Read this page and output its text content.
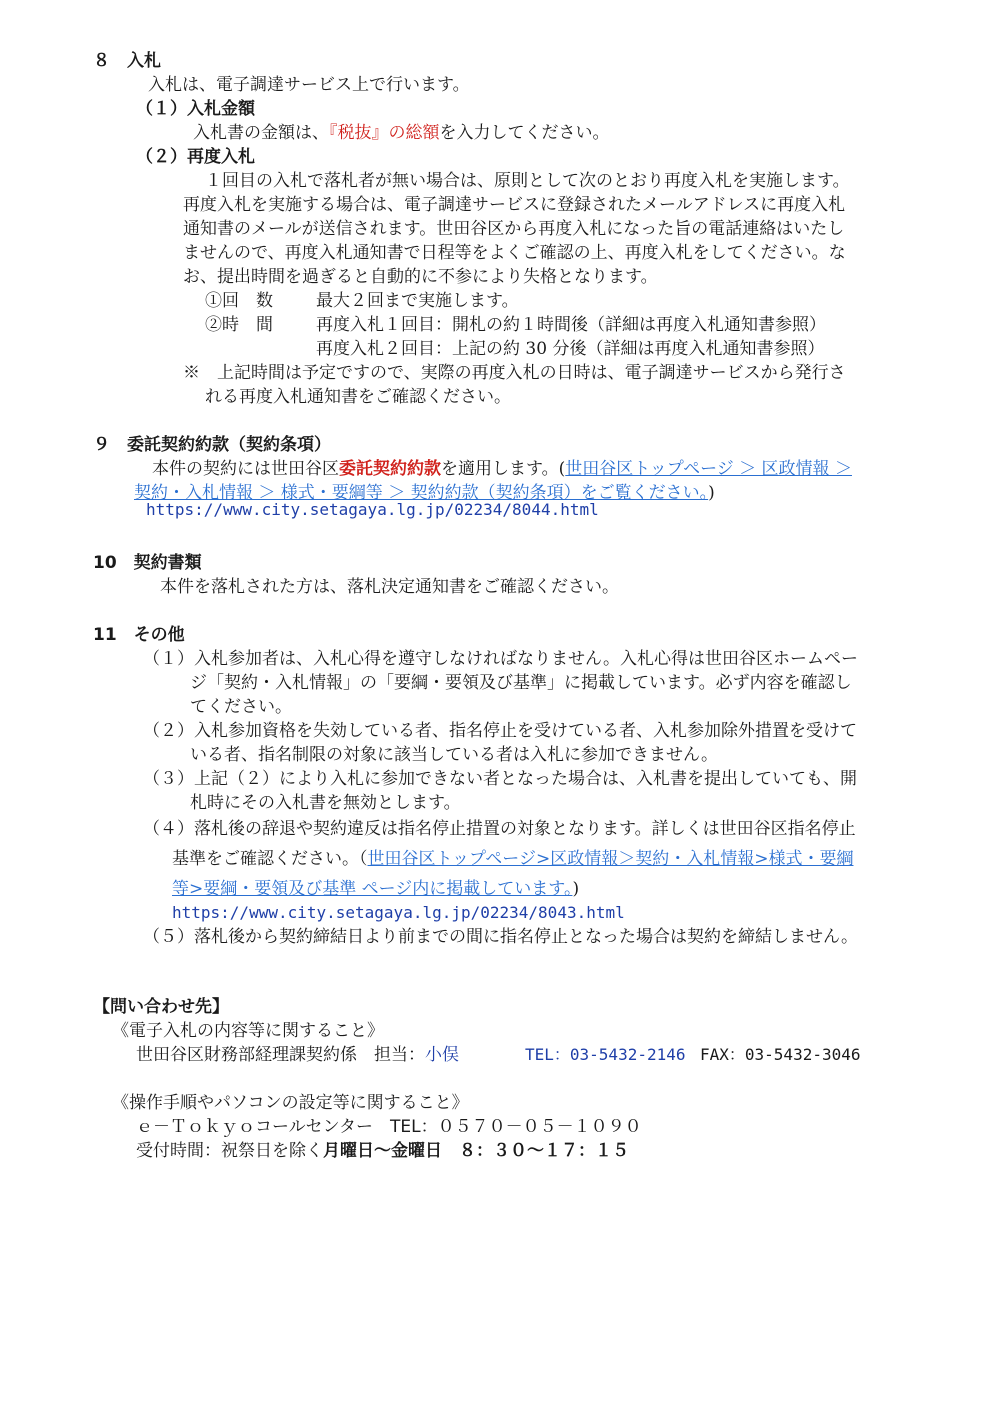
８　入札
入札は、電子調達サービス上で行います。
（１）入札金額
入札書の金額は、『税抜』の総額を入力してください。
（２）再度入札
１回目の入札で落札者が無い場合は、原則として次のとおり再度入札を実施します。
再度入札を実施する場合は、電子調達サービスに登録されたメールアドレスに再度入札
通知書のメールが送信されます。世田谷区から再度入札になった旨の電話連絡はいたし
ませんので、再度入札通知書で日程等をよくご確認の上、再度入札をしてください。な
お、提出時間を過ぎると自動的に不参により失格となります。
①回　数	最大２回まで実施します。
②時　間	再度入札１回目：開札の約１時間後（詳細は再度入札通知書参照）
再度入札２回目：上記の約 30 分後（詳細は再度入札通知書参照）
※　上記時間は予定ですので、実際の再度入札の日時は、電子調達サービスから発行さ
れる再度入札通知書をご確認ください。
９　委託契約約款（契約条項）
本件の契約には世田谷区委託契約約款を適用します。(世田谷区トップページ ＞ 区政情報 ＞
契約・入札情報 ＞ 様式・要綱等 ＞ 契約約款（契約条項）をご覧ください。)
https://www.city.setagaya.lg.jp/02234/8044.html
10　契約書類
本件を落札された方は、落札決定通知書をご確認ください。
11　その他
（１）入札参加者は、入札心得を遵守しなければなりません。入札心得は世田谷区ホームペー
ジ「契約・入札情報」の「要綱・要領及び基準」に掲載しています。必ず内容を確認し
てください。
（２）入札参加資格を失効している者、指名停止を受けている者、入札参加除外措置を受けて
いる者、指名制限の対象に該当している者は入札に参加できません。
（３）上記（２）により入札に参加できない者となった場合は、入札書を提出していても、開
札時にその入札書を無効とします。
（４）落札後の辞退や契約違反は指名停止措置の対象となります。詳しくは世田谷区指名停止
基準をご確認ください。（世田谷区トップページ>区政情報＞契約・入札情報>様式・要綱
等>要綱・要領及び基準 ページ内に掲載しています。)
https://www.city.setagaya.lg.jp/02234/8043.html
（５）落札後から契約締結日より前までの間に指名停止となった場合は契約を締結しません。
【問い合わせ先】
《電子入札の内容等に関すること》
世田谷区財務部経理課契約係　担当：小俣	TEL：03-5432-2146 FAX：03-5432-3046
《操作手順やパソコンの設定等に関すること》
ｅ－Ｔｏｋｙｏコールセンター　TEL：０５７０－０５－１０９０
受付時間：祝祭日を除く月曜日～金曜日　８：３０～１７：１５
